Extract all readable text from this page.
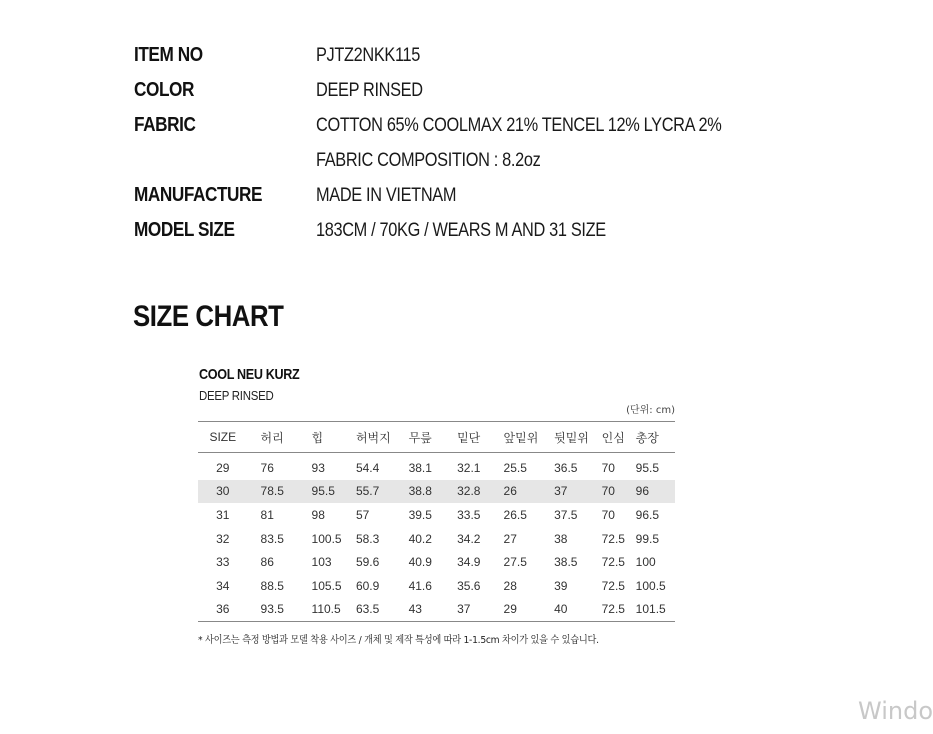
ITEM NO	PJTZ2NKK115
COLOR	DEEP RINSED
FABRIC	COTTON 65% COOLMAX 21% TENCEL 12% LYCRA 2%
FABRIC COMPOSITION : 8.2oz
MANUFACTURE	MADE IN VIETNAM
MODEL SIZE	183CM / 70KG / WEARS M AND 31 SIZE
SIZE CHART
COOL NEU KURZ
DEEP RINSED
(단위: cm)
SIZE	허리	힙	허벅지	무릎	밑단	앞밑위	뒷밑위	인심	총장
29	76	93	54.4	38.1	32.1	25.5	36.5	70	95.5
30	78.5	95.5	55.7	38.8	32.8	26	37	70	96
31	81	98	57	39.5	33.5	26.5	37.5	70	96.5
32	83.5	100.5	58.3	40.2	34.2	27	38	72.5	99.5
33	86	103	59.6	40.9	34.9	27.5	38.5	72.5	100
34	88.5	105.5	60.9	41.6	35.6	28	39	72.5	100.5
36	93.5	110.5	63.5	43	37	29	40	72.5	101.5
* 사이즈는 측정 방법과 모델 착용 사이즈 / 개체 및 제작 특성에 따라 1-1.5cm 차이가 있을 수 있습니다.
Windo
